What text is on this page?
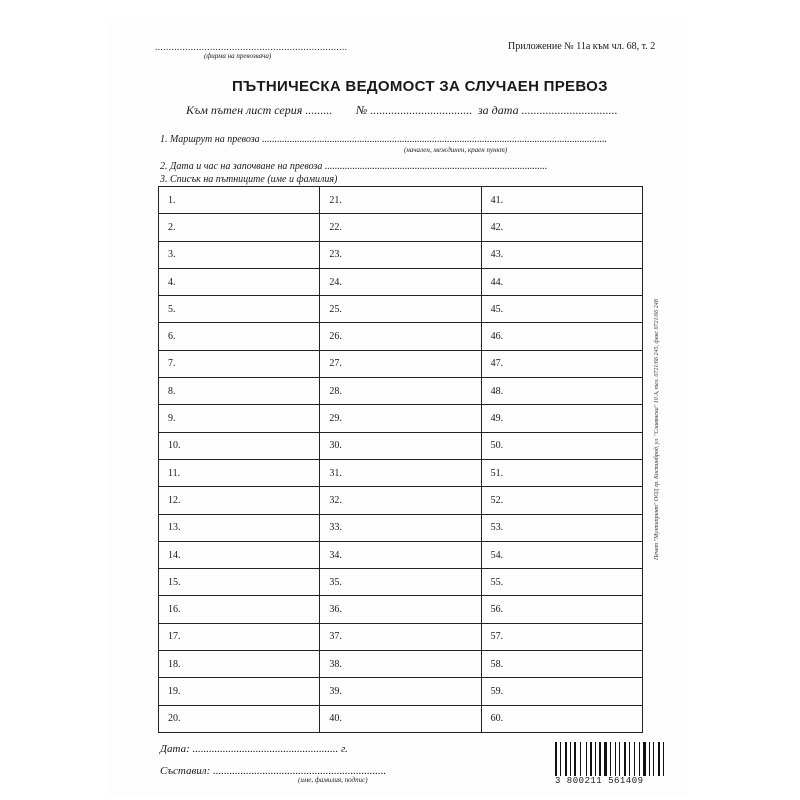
......................................................................
(фирма на превозвача)
Приложение № 11а към чл. 68, т. 2
ПЪТНИЧЕСКА ВЕДОМОСТ ЗА СЛУЧАЕН ПРЕВОЗ
Към пътен лист серия ......... № .................................. за дата ................................
1. Маршрут на превоза ..........................................................................................................................................
(начален, междинен, краен пункт)
2. Дата и час на започване на превоза .........................................................................................
3. Списък на пътниците (име и фамилия)
1.	21.	41.
2.	22.	42.
3.	23.	43.
4.	24.	44.
5.	25.	45.
6.	26.	46.
7.	27.	47.
8.	28.	48.
9.	29.	49.
10.	30.	50.
11.	31.	51.
12.	32.	52.
13.	33.	53.
14.	34.	54.
15.	35.	55.
16.	36.	56.
17.	37.	57.
18.	38.	58.
19.	39.	59.
20.	40.	60.
Печат "Мултипринт" ООД гр. Костинброд, ул. "Славянска" 10 А, тел. 0721/66 245, факс 0721/66 248
Дата: ..................................................... г.
Съставил: ...............................................................
(име, фамилия, подпис)	3 800211 561409
